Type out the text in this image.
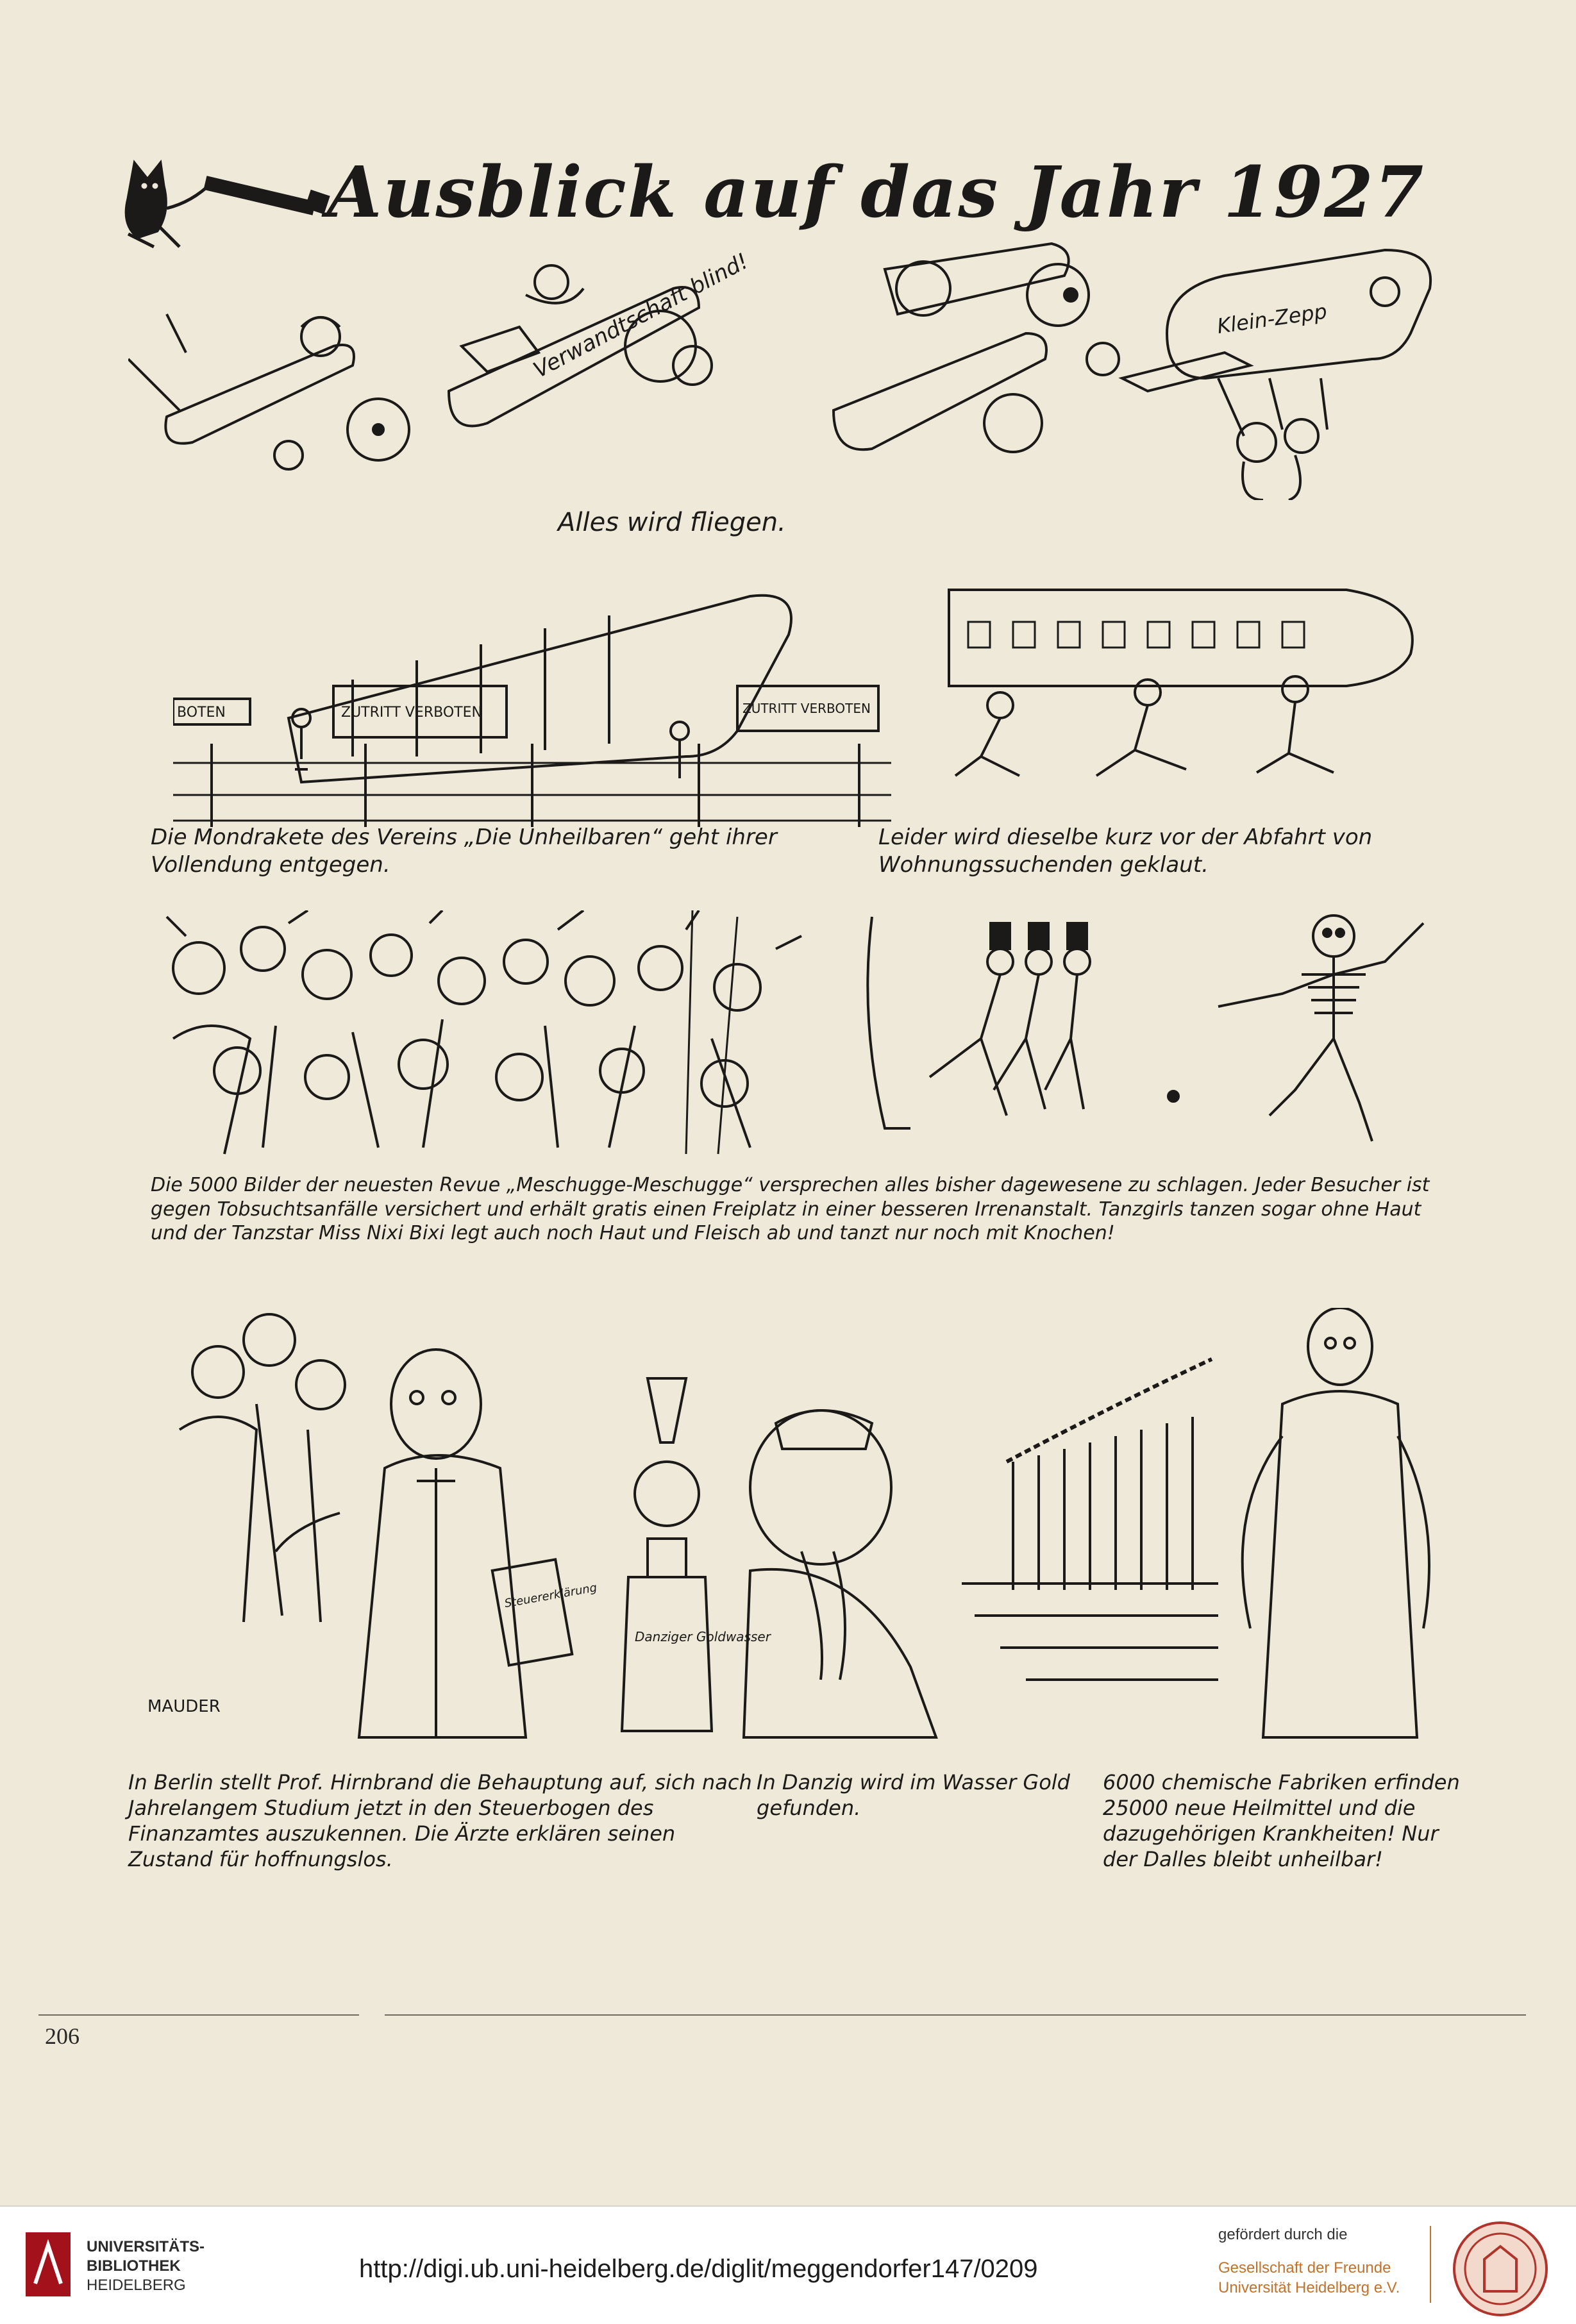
Ausblick auf das Jahr 1927
Verwandtschaft blind!	Klein-Zepp
Alles wird fliegen.
BOTEN	ZUTRITT VERBOTEN	ZUTRITT VERBOTEN
Die Mondrakete des Vereins „Die Unheilbaren“ geht ihrer Vollendung entgegen.
Leider wird dieselbe kurz vor der Abfahrt von Wohnungssuchenden geklaut.
Die 5000 Bilder der neuesten Revue „Meschugge-Meschugge“ versprechen alles bisher dagewesene zu schlagen. Jeder Besucher ist gegen Tobsuchtsanfälle versichert und erhält gratis einen Freiplatz in einer besseren Irrenanstalt. Tanzgirls tanzen sogar ohne Haut und der Tanzstar Miss Nixi Bixi legt auch noch Haut und Fleisch ab und tanzt nur noch mit Knochen!
Steuererklärung
MAUDER
Danziger Goldwasser
In Berlin stellt Prof. Hirnbrand die Behauptung auf, sich nach Jahrelangem Studium jetzt in den Steuerbogen des Finanzamtes auszukennen. Die Ärzte erklären seinen Zustand für hoffnungslos.
In Danzig wird im Wasser Gold gefunden.
6000 chemische Fabriken erfinden 25000 neue Heilmittel und die dazugehörigen Krankheiten! Nur der Dalles bleibt unheilbar!
206
UNIVERSITÄTS-
BIBLIOTHEK
HEIDELBERG
http://digi.ub.uni-heidelberg.de/diglit/meggendorfer147/0209
gefördert durch die
Gesellschaft der Freunde
Universität Heidelberg e.V.
